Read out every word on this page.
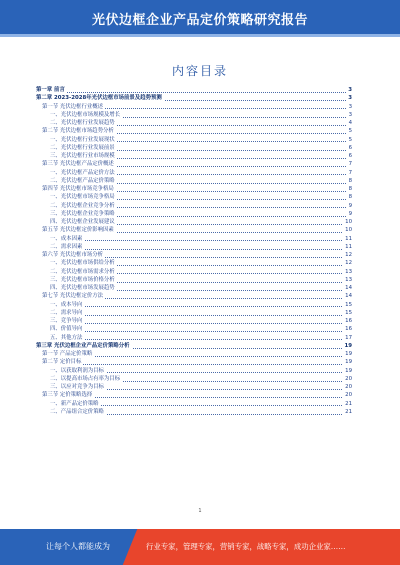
光伏边框企业产品定价策略研究报告
内容目录
第一章 前言	3
第二章 2023-2028年光伏边框市场前景及趋势预测	3
第一节 光伏边框行业概述	3
一、光伏边框市场规模及增长	3
二、光伏边框行业发展趋势	4
第二节 光伏边框市场趋势分析	5
一、光伏边框行业发展现状	5
二、光伏边框行业发展前景	6
三、光伏边框行业市场规模	6
第三节 光伏边框产品定价概述	7
一、光伏边框产品定价方法	7
二、光伏边框产品定价策略	8
第四节 光伏边框市场竞争格局	8
一、光伏边框市场竞争格局	8
二、光伏边框企业竞争分析	9
三、光伏边框企业竞争策略	9
四、光伏边框企业发展建议	10
第五节 光伏边框定价影响因素	10
一、成本因素	11
二、需求因素	11
第六节 光伏边框市场分析	12
一、光伏边框市场供给分析	12
二、光伏边框市场需求分析	13
三、光伏边框市场价格分析	13
四、光伏边框市场发展趋势	14
第七节 光伏边框定价方法	14
一、成本导向	15
二、需求导向	15
三、竞争导向	16
四、价值导向	16
五、其他方法	17
第三章 光伏边框企业产品定价策略分析	19
第一节 产品定价策略	19
第二节 定价目标	19
一、以获取利润为目标	19
二、以提高市场占有率为目标	20
三、以应对竞争为目标	20
第三节 定价策略选择	20
一、新产品定价策略	21
二、产品组合定价策略	21
1
让每个人都能成为	行业专家，管理专家，营销专家，战略专家，成功企业家……
